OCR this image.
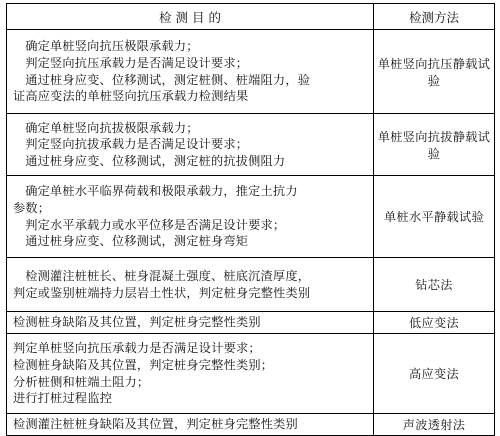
检 测 目 的	检测方法

确定单桩竖向抗压极限承载力；
判定竖向抗压承载力是否满足设计要求；
通过桩身应变、位移测试，测定桩侧、桩端阻力，验
证高应变法的单桩竖向抗压承载力检测结果	单桩竖向抗压静载试验

确定单桩竖向抗拔极限承载力；
判定竖向抗拔承载力是否满足设计要求；
通过桩身应变、位移测试，测定桩的抗拔侧阻力	单桩竖向抗拔静载试验

确定单桩水平临界荷载和极限承载力，推定土抗力
参数；
判定水平承载力或水平位移是否满足设计要求；
通过桩身应变、位移测试，测定桩身弯矩	单桩水平静载试验

检测灌注桩桩长、桩身混凝土强度、桩底沉渣厚度，
判定或鉴别桩端持力层岩土性状，判定桩身完整性类别	钻芯法

检测桩身缺陷及其位置，判定桩身完整性类别	低应变法

判定单桩竖向抗压承载力是否满足设计要求；
检测桩身缺陷及其位置，判定桩身完整性类别；
分析桩侧和桩端土阻力；
进行打桩过程监控	高应变法

检测灌注桩桩身缺陷及其位置，判定桩身完整性类别	声波透射法
